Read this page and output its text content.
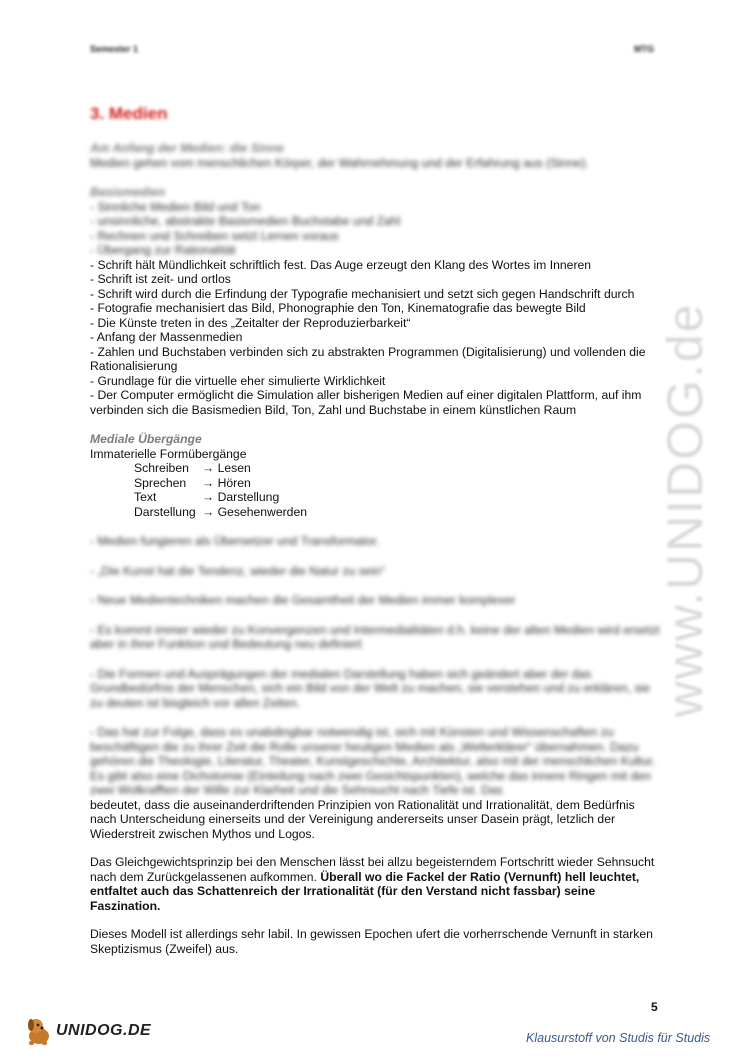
Semester 1	MTG
3. Medien
Am Anfang der Medien: die Sinne
Medien gehen vom menschlichen Körper, der Wahrnehmung und der Erfahrung aus (Sinne).
Basismedien
- Sinnliche Medien Bild und Ton
- unsinnliche, abstrakte Basismedien Buchstabe und Zahl
- Rechnen und Schreiben setzt Lernen voraus
- Übergang zur Rationalität
- Schrift hält Mündlichkeit schriftlich fest. Das Auge erzeugt den Klang des Wortes im Inneren
- Schrift ist zeit- und ortlos
- Schrift wird durch die Erfindung der Typografie mechanisiert und setzt sich gegen Handschrift durch
- Fotografie mechanisiert das Bild, Phonographie den Ton, Kinematografie das bewegte Bild
- Die Künste treten in des „Zeitalter der Reproduzierbarkeit“
- Anfang der Massenmedien
- Zahlen und Buchstaben verbinden sich zu abstrakten Programmen (Digitalisierung) und vollenden die Rationalisierung
- Grundlage für die virtuelle eher simulierte Wirklichkeit
- Der Computer ermöglicht die Simulation aller bisherigen Medien auf einer digitalen Plattform, auf ihm verbinden sich die Basismedien Bild, Ton, Zahl und Buchstabe in einem künstlichen Raum
Mediale Übergänge
Immaterielle Formübergänge
Schreiben	→ Lesen
Sprechen	→ Hören
Text	→ Darstellung
Darstellung → Gesehenwerden
- Medien fungieren als Übersetzer und Transformator.
- „Die Kunst hat die Tendenz, wieder die Natur zu sein“
- Neue Medientechniken machen die Gesamtheit der Medien immer komplexer
- Es kommt immer wieder zu Konvergenzen und Intermedialitäten d.h. keine der alten Medien wird ersetzt aber in ihrer Funktion und Bedeutung neu definiert
- Die Formen und Ausprägungen der medialen Darstellung haben sich geändert aber der das Grundbedürfnis der Menschen, sich ein Bild von der Welt zu machen, sie verstehen und zu erklären, sie zu deuten ist bisgleich vor allen Zeiten.
- Das hat zur Folge, dass es unabdingbar notwendig ist, sich mit Künsten und Wissenschaften zu beschäftigen die zu ihrer Zeit die Rolle unserer heutigen Medien als „Welterklärer“ übernahmen. Dazu gehören die Theologie, Literatur, Theater, Kunstgeschichte, Architektur, also mit der menschlichen Kultur. Es gibt also eine Dichotomie (Einteilung nach zwei Gesichtspunkten), welche das innere Ringen mit den zwei Wolkrafften der Wille zur Klarheit und die Sehnsucht nach Tiefe ist. Das
bedeutet, dass die auseinanderdriftenden Prinzipien von Rationalität und Irrationalität, dem Bedürfnis nach Unterscheidung einerseits und der Vereinigung andererseits unser Dasein prägt, letzlich der Wiederstreit zwischen Mythos und Logos.
Das Gleichgewichtsprinzip bei den Menschen lässt bei allzu begeisterndem Fortschritt wieder Sehnsucht nach dem Zurückgelassenen aufkommen. Überall wo die Fackel der Ratio (Vernunft) hell leuchtet, entfaltet auch das Schattenreich der Irrationalität (für den Verstand nicht fassbar) seine Faszination.
Dieses Modell ist allerdings sehr labil. In gewissen Epochen ufert die vorherrschende Vernunft in starken Skeptizismus (Zweifel) aus.
www.UNIDOG.de
5
UNIDOG.DE	Klausurstoff von Studis für Studis
